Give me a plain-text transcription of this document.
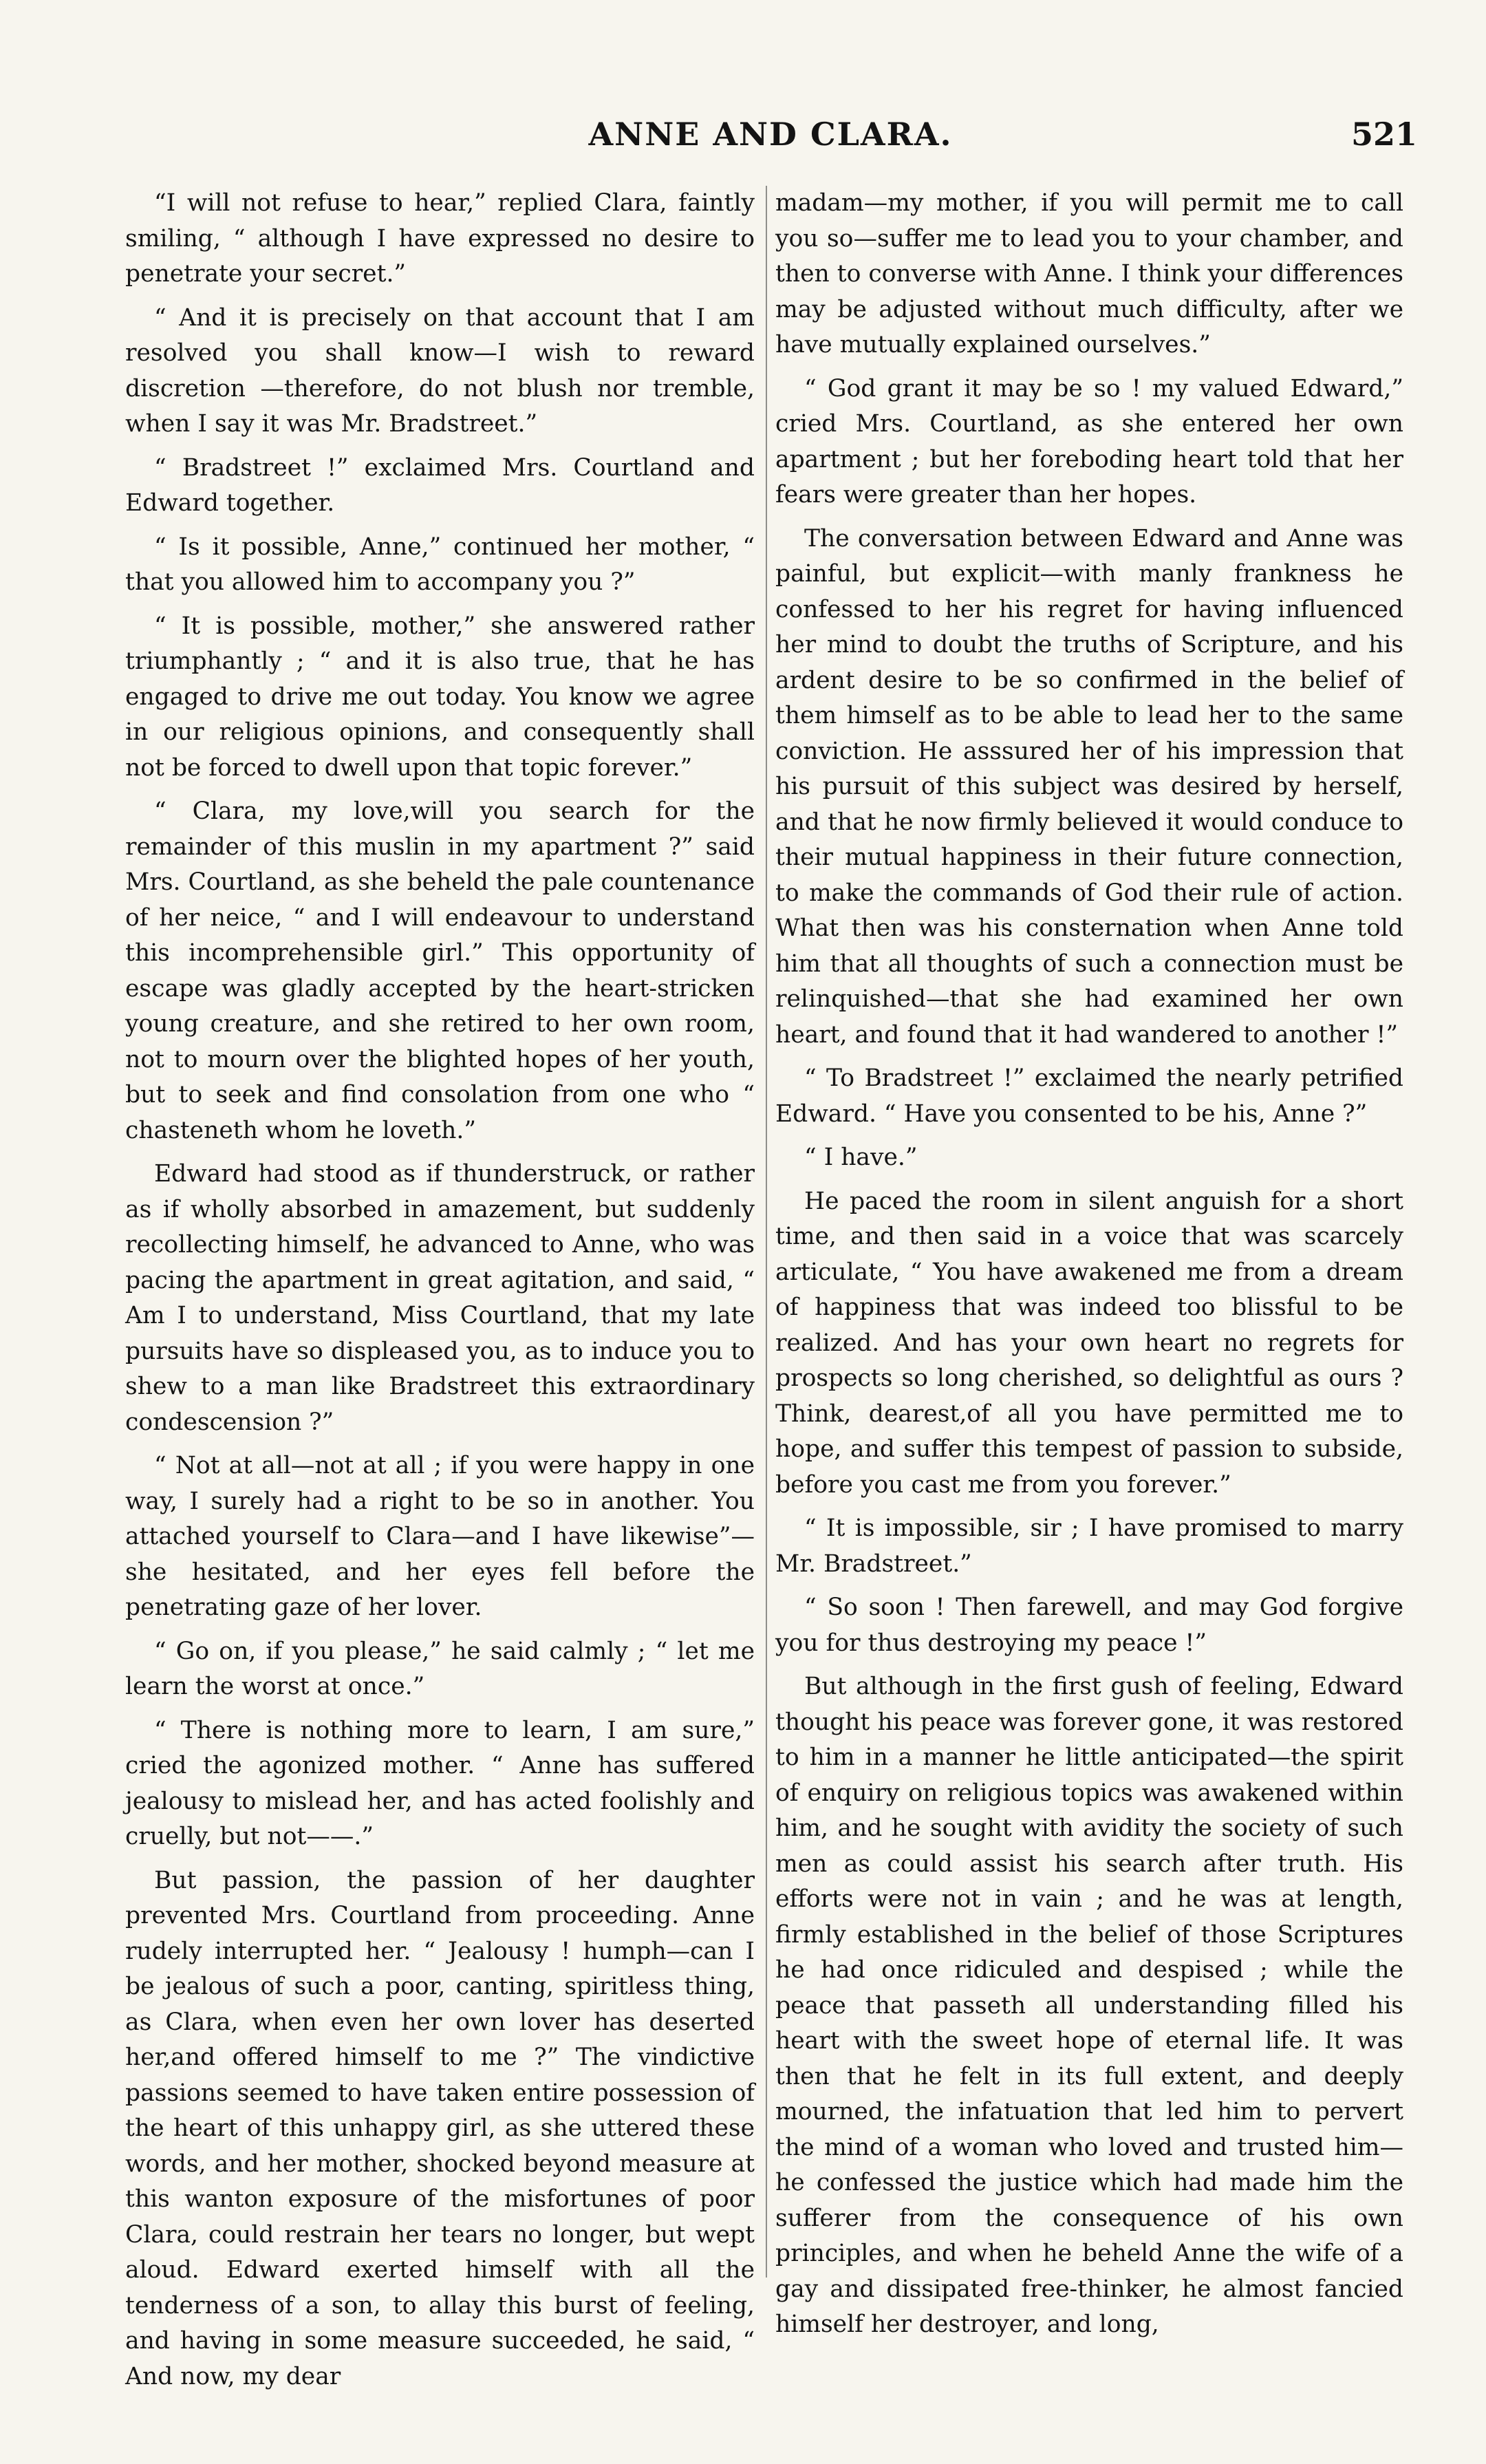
ANNE AND CLARA.	521

“I will not refuse to hear,” replied Clara, faintly smiling, “ although I have expressed no desire to penetrate your secret.”

“ And it is precisely on that account that I am resolved you shall know—I wish to reward discretion —therefore, do not blush nor tremble, when I say it was Mr. Bradstreet.”

“ Bradstreet !” exclaimed Mrs. Courtland and Edward together.

“ Is it possible, Anne,” continued her mother, “ that you allowed him to accompany you ?”

“ It is possible, mother,” she answered rather triumphantly ; “ and it is also true, that he has engaged to drive me out today. You know we agree in our religious opinions, and consequently shall not be forced to dwell upon that topic forever.”

“ Clara, my love,will you search for the remainder of this muslin in my apartment ?” said Mrs. Courtland, as she beheld the pale countenance of her neice, “ and I will endeavour to understand this incomprehensible girl.” This opportunity of escape was gladly accepted by the heart-stricken young creature, and she retired to her own room, not to mourn over the blighted hopes of her youth, but to seek and find consolation from one who “ chasteneth whom he loveth.”

Edward had stood as if thunderstruck, or rather as if wholly absorbed in amazement, but suddenly recollecting himself, he advanced to Anne, who was pacing the apartment in great agitation, and said, “ Am I to understand, Miss Courtland, that my late pursuits have so displeased you, as to induce you to shew to a man like Bradstreet this extraordinary condescension ?”

“ Not at all—not at all ; if you were happy in one way, I surely had a right to be so in another. You attached yourself to Clara—and I have likewise”— she hesitated, and her eyes fell before the penetrating gaze of her lover.

“ Go on, if you please,” he said calmly ; “ let me learn the worst at once.”

“ There is nothing more to learn, I am sure,” cried the agonized mother. “ Anne has suffered jealousy to mislead her, and has acted foolishly and cruelly, but not——.”

But passion, the passion of her daughter prevented Mrs. Courtland from proceeding. Anne rudely interrupted her. “ Jealousy ! humph—can I be jealous of such a poor, canting, spiritless thing, as Clara, when even her own lover has deserted her,and offered himself to me ?” The vindictive passions seemed to have taken entire possession of the heart of this unhappy girl, as she uttered these words, and her mother, shocked beyond measure at this wanton exposure of the misfortunes of poor Clara, could restrain her tears no longer, but wept aloud. Edward exerted himself with all the tenderness of a son, to allay this burst of feeling, and having in some measure succeeded, he said, “ And now, my dear

madam—my mother, if you will permit me to call you so—suffer me to lead you to your chamber, and then to converse with Anne. I think your differences may be adjusted without much difficulty, after we have mutually explained ourselves.”

“ God grant it may be so ! my valued Edward,” cried Mrs. Courtland, as she entered her own apartment ; but her foreboding heart told that her fears were greater than her hopes.

The conversation between Edward and Anne was painful, but explicit—with manly frankness he confessed to her his regret for having influenced her mind to doubt the truths of Scripture, and his ardent desire to be so confirmed in the belief of them himself as to be able to lead her to the same conviction. He asssured her of his impression that his pursuit of this subject was desired by herself, and that he now firmly believed it would conduce to their mutual happiness in their future connection, to make the commands of God their rule of action. What then was his consternation when Anne told him that all thoughts of such a connection must be relinquished—that she had examined her own heart, and found that it had wandered to another !”

“ To Bradstreet !” exclaimed the nearly petrified Edward. “ Have you consented to be his, Anne ?”

“ I have.”

He paced the room in silent anguish for a short time, and then said in a voice that was scarcely articulate, “ You have awakened me from a dream of happiness that was indeed too blissful to be realized. And has your own heart no regrets for prospects so long cherished, so delightful as ours ? Think, dearest,of all you have permitted me to hope, and suffer this tempest of passion to subside, before you cast me from you forever.”

“ It is impossible, sir ; I have promised to marry Mr. Bradstreet.”

“ So soon ! Then farewell, and may God forgive you for thus destroying my peace !”

But although in the first gush of feeling, Edward thought his peace was forever gone, it was restored to him in a manner he little anticipated—the spirit of enquiry on religious topics was awakened within him, and he sought with avidity the society of such men as could assist his search after truth. His efforts were not in vain ; and he was at length, firmly established in the belief of those Scriptures he had once ridiculed and despised ; while the peace that passeth all understanding filled his heart with the sweet hope of eternal life. It was then that he felt in its full extent, and deeply mourned, the infatuation that led him to pervert the mind of a woman who loved and trusted him—he confessed the justice which had made him the sufferer from the consequence of his own principles, and when he beheld Anne the wife of a gay and dissipated free-thinker, he almost fancied himself her destroyer, and long,
